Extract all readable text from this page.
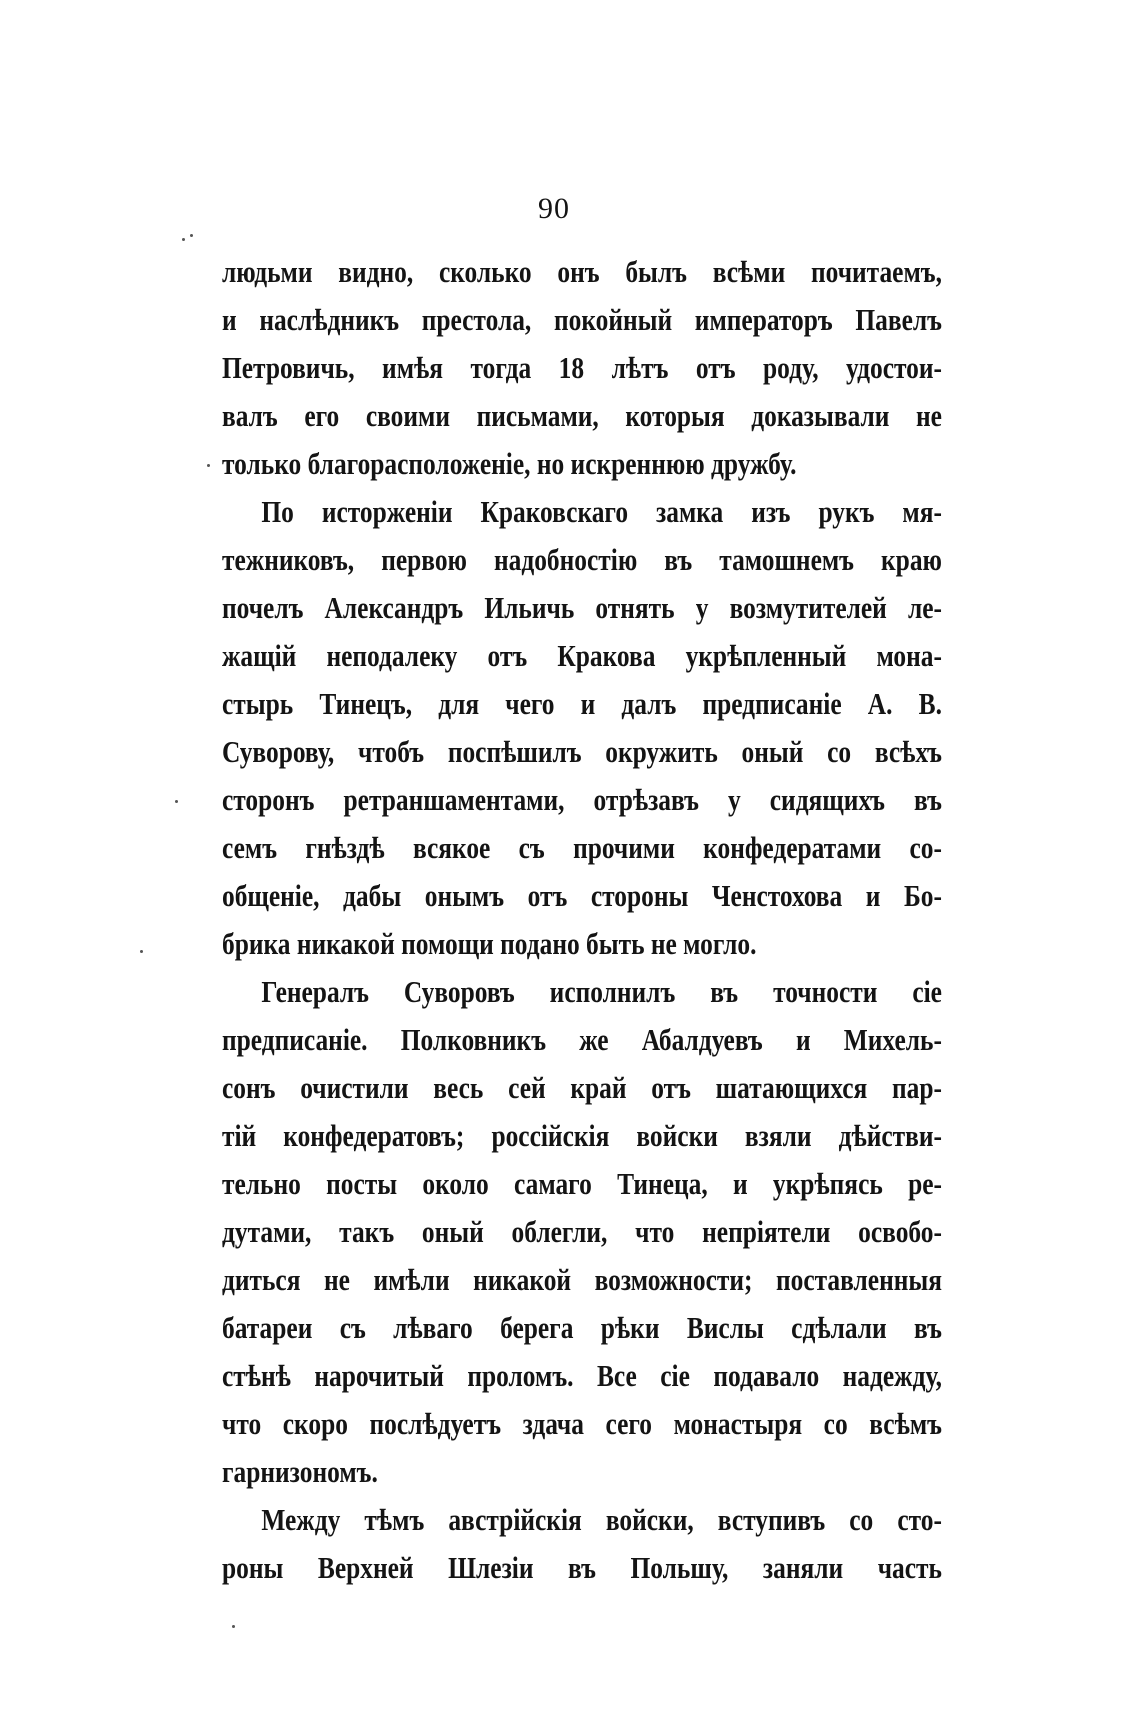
90
людьми видно, сколько онъ былъ всѣми почитаемъ,
и наслѣдникъ престола, покойный императоръ Павелъ
Петровичь, имѣя тогда 18 лѣтъ отъ роду, удостои-
валъ его своими письмами, которыя доказывали не
только благорасположеніе, но искреннюю дружбу.
По исторженіи Краковскаго замка изъ рукъ мя-
тежниковъ, первою надобностію въ тамошнемъ краю
почелъ Александръ Ильичь отнять у возмутителей ле-
жащій неподалеку отъ Кракова укрѣпленный мона-
стырь Тинецъ, для чего и далъ предписаніе А. В.
Суворову, чтобъ поспѣшилъ окружить оный со всѣхъ
сторонъ ретраншаментами, отрѣзавъ у сидящихъ въ
семъ гнѣздѣ всякое съ прочими конфедератами со-
общеніе, дабы онымъ отъ стороны Ченстохова и Бо-
брика никакой помощи подано быть не могло.
Генералъ Суворовъ исполнилъ въ точности сіе
предписаніе. Полковникъ же Абалдуевъ и Михель-
сонъ очистили весь сей край отъ шатающихся пар-
тій конфедератовъ; россійскія войски взяли дѣйстви-
тельно посты около самаго Тинеца, и укрѣпясь ре-
дутами, такъ оный облегли, что непріятели освобо-
диться не имѣли никакой возможности; поставленныя
батареи съ лѣваго берега рѣки Вислы сдѣлали въ
стѣнѣ нарочитый проломъ. Все сіе подавало надежду,
что скоро послѣдуетъ здача сего монастыря со всѣмъ
гарнизономъ.
Между тѣмъ австрійскія войски, вступивъ со сто-
роны Верхней Шлезіи въ Польшу, заняли часть
